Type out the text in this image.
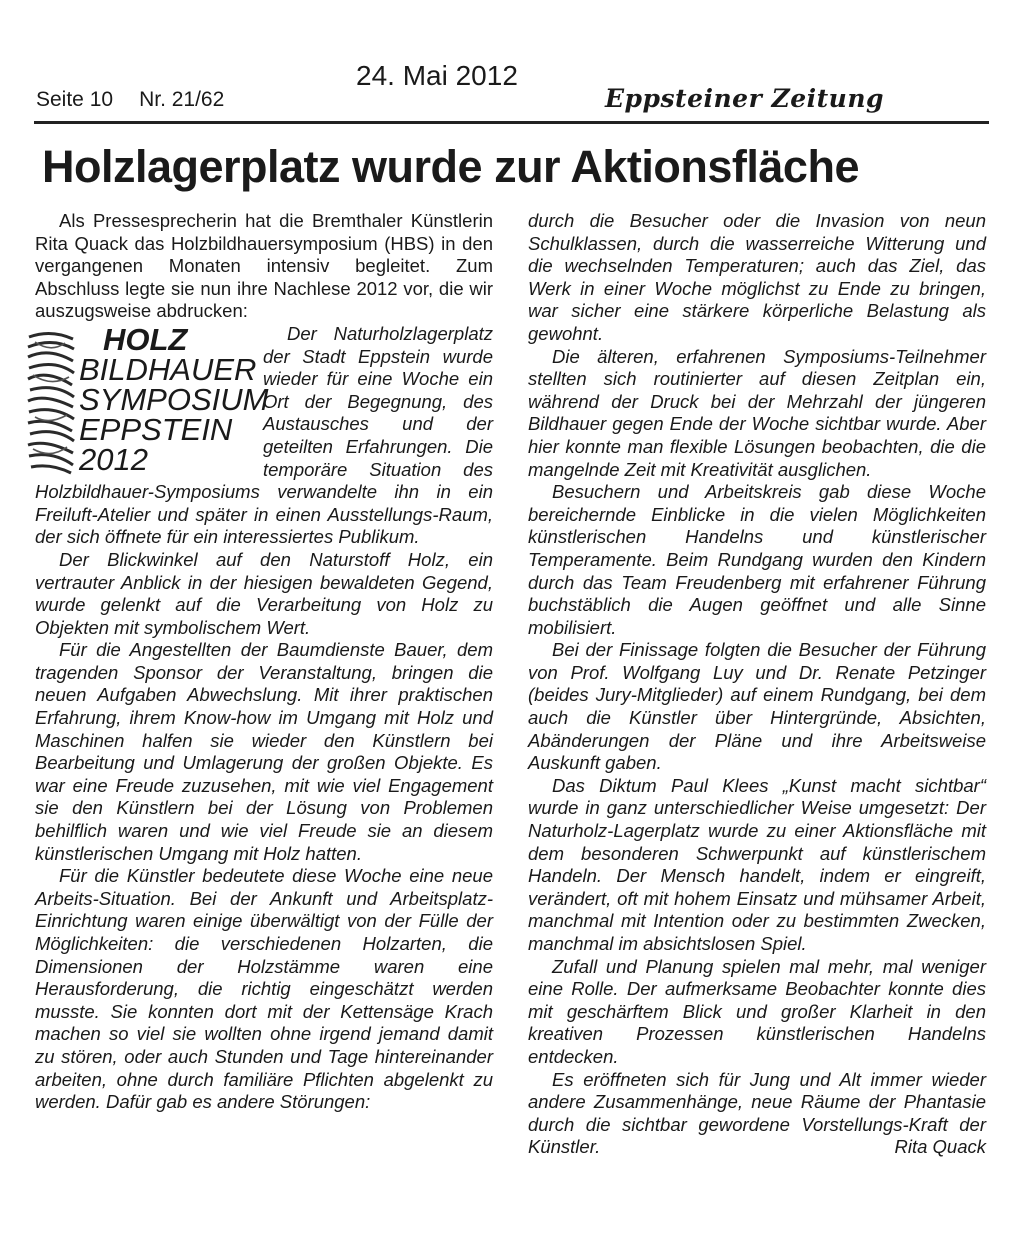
Seite 10 Nr. 21/62
24. Mai 2012
Eppsteiner Zeitung
Holzlagerplatz wurde zur Aktionsfläche

Als Pressesprecherin hat die Bremthaler Künstlerin Rita Quack das Holzbildhauersymposium (HBS) in den vergangenen Monaten intensiv begleitet. Zum Abschluss legte sie nun ihre Nachlese 2012 vor, die wir auszugsweise abdrucken:

HOLZ
BILDHAUER
SYMPOSIUM
EPPSTEIN
2012
Der Naturholzlagerplatz der Stadt Eppstein wurde wieder für eine Woche ein Ort der Begegnung, des Austausches und der geteilten Erfahrungen. Die temporäre Situation des Holzbildhauer-Symposiums verwandelte ihn in ein Freiluft-Atelier und später in einen Ausstellungs-Raum, der sich öffnete für ein interessiertes Publikum.

Der Blickwinkel auf den Naturstoff Holz, ein vertrauter Anblick in der hiesigen bewaldeten Gegend, wurde gelenkt auf die Verarbeitung von Holz zu Objekten mit symbolischem Wert.

Für die Angestellten der Baumdienste Bauer, dem tragenden Sponsor der Veranstaltung, bringen die neuen Aufgaben Abwechslung. Mit ihrer praktischen Erfahrung, ihrem Know-how im Umgang mit Holz und Maschinen halfen sie wieder den Künstlern bei Bearbeitung und Umlagerung der großen Objekte. Es war eine Freude zuzusehen, mit wie viel Engagement sie den Künstlern bei der Lösung von Problemen behilflich waren und wie viel Freude sie an diesem künstlerischen Umgang mit Holz hatten.

Für die Künstler bedeutete diese Woche eine neue Arbeits-Situation. Bei der Ankunft und Arbeitsplatz-Einrichtung waren einige überwältigt von der Fülle der Möglichkeiten: die verschiedenen Holzarten, die Dimensionen der Holzstämme waren eine Herausforderung, die richtig eingeschätzt werden musste. Sie konnten dort mit der Kettensäge Krach machen so viel sie wollten ohne irgend jemand damit zu stören, oder auch Stunden und Tage hintereinander arbeiten, ohne durch familiäre Pflichten abgelenkt zu werden. Dafür gab es andere Störungen:

durch die Besucher oder die Invasion von neun Schulklassen, durch die wasserreiche Witterung und die wechselnden Temperaturen; auch das Ziel, das Werk in einer Woche möglichst zu Ende zu bringen, war sicher eine stärkere körperliche Belastung als gewohnt.

Die älteren, erfahrenen Symposiums-Teilnehmer stellten sich routinierter auf diesen Zeitplan ein, während der Druck bei der Mehrzahl der jüngeren Bildhauer gegen Ende der Woche sichtbar wurde. Aber hier konnte man flexible Lösungen beobachten, die die mangelnde Zeit mit Kreativität ausglichen.

Besuchern und Arbeitskreis gab diese Woche bereichernde Einblicke in die vielen Möglichkeiten künstlerischen Handelns und künstlerischer Temperamente. Beim Rundgang wurden den Kindern durch das Team Freudenberg mit erfahrener Führung buchstäblich die Augen geöffnet und alle Sinne mobilisiert.

Bei der Finissage folgten die Besucher der Führung von Prof. Wolfgang Luy und Dr. Renate Petzinger (beides Jury-Mitglieder) auf einem Rundgang, bei dem auch die Künstler über Hintergründe, Absichten, Abänderungen der Pläne und ihre Arbeitsweise Auskunft gaben.

Das Diktum Paul Klees „Kunst macht sichtbar“ wurde in ganz unterschiedlicher Weise umgesetzt: Der Naturholz-Lagerplatz wurde zu einer Aktionsfläche mit dem besonderen Schwerpunkt auf künstlerischem Handeln. Der Mensch handelt, indem er eingreift, verändert, oft mit hohem Einsatz und mühsamer Arbeit, manchmal mit Intention oder zu bestimmten Zwecken, manchmal im absichtslosen Spiel.

Zufall und Planung spielen mal mehr, mal weniger eine Rolle. Der aufmerksame Beobachter konnte dies mit geschärftem Blick und großer Klarheit in den kreativen Prozessen künstlerischen Handelns entdecken.

Es eröffneten sich für Jung und Alt immer wieder andere Zusammenhänge, neue Räume der Phantasie durch die sichtbar gewordene Vorstellungs-Kraft der Künstler.	Rita Quack
